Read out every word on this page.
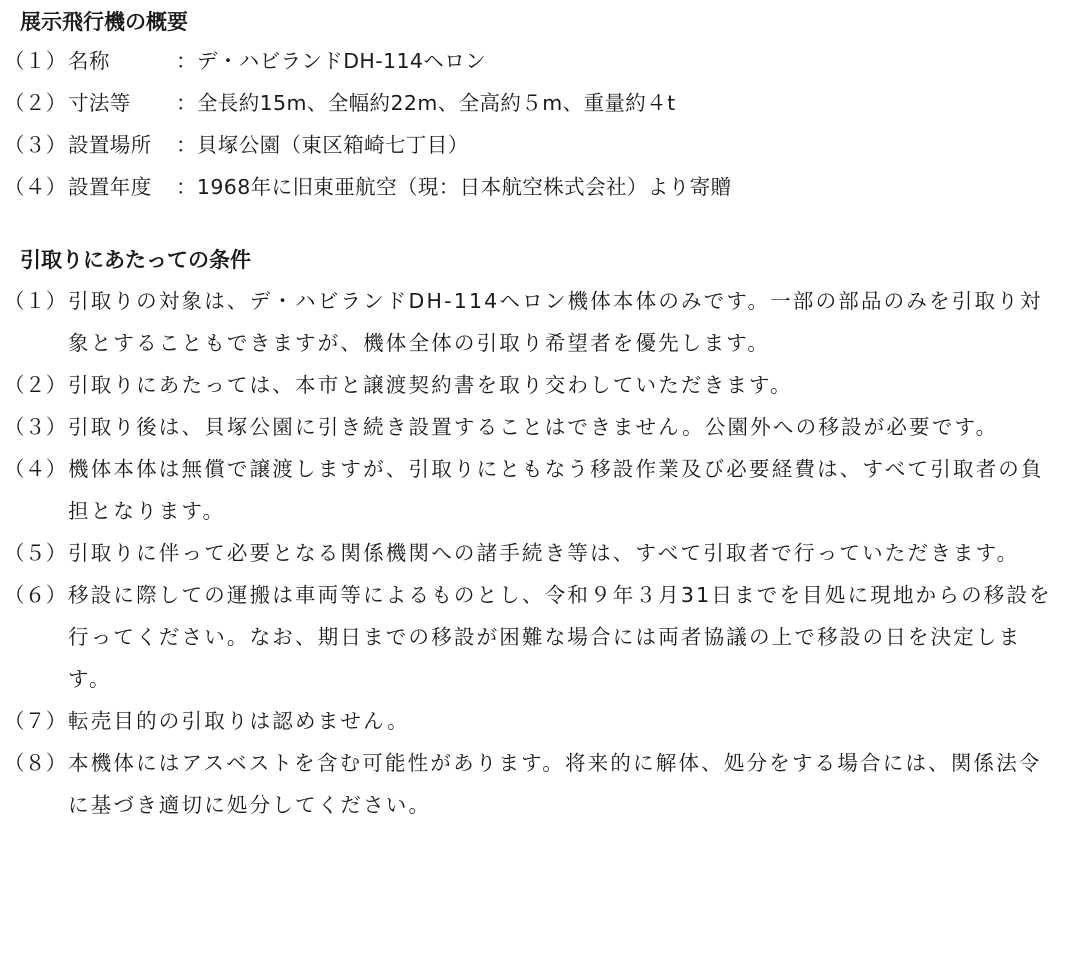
展示飛行機の概要
（１） 名称	：デ・ハビランドDH-114ヘロン
（２） 寸法等	：全長約15m、全幅約22m、全高約５m、重量約４t
（３） 設置場所	：貝塚公園（東区箱崎七丁目）
（４） 設置年度	：1968年に旧東亜航空（現：日本航空株式会社）より寄贈
引取りにあたっての条件
（１） 引取りの対象は、デ・ハビランドDH-114ヘロン機体本体のみです。一部の部品のみを引取り対象とすることもできますが、機体全体の引取り希望者を優先します。
（２） 引取りにあたっては、本市と譲渡契約書を取り交わしていただきます。
（３） 引取り後は、貝塚公園に引き続き設置することはできません。公園外への移設が必要です。
（４） 機体本体は無償で譲渡しますが、引取りにともなう移設作業及び必要経費は、すべて引取者の負担となります。
（５） 引取りに伴って必要となる関係機関への諸手続き等は、すべて引取者で行っていただきます。
（６） 移設に際しての運搬は車両等によるものとし、令和９年３月31日までを目処に現地からの移設を行ってください。なお、期日までの移設が困難な場合には両者協議の上で移設の日を決定します。
（７） 転売目的の引取りは認めません。
（８） 本機体にはアスベストを含む可能性があります。将来的に解体、処分をする場合には、関係法令に基づき適切に処分してください。
